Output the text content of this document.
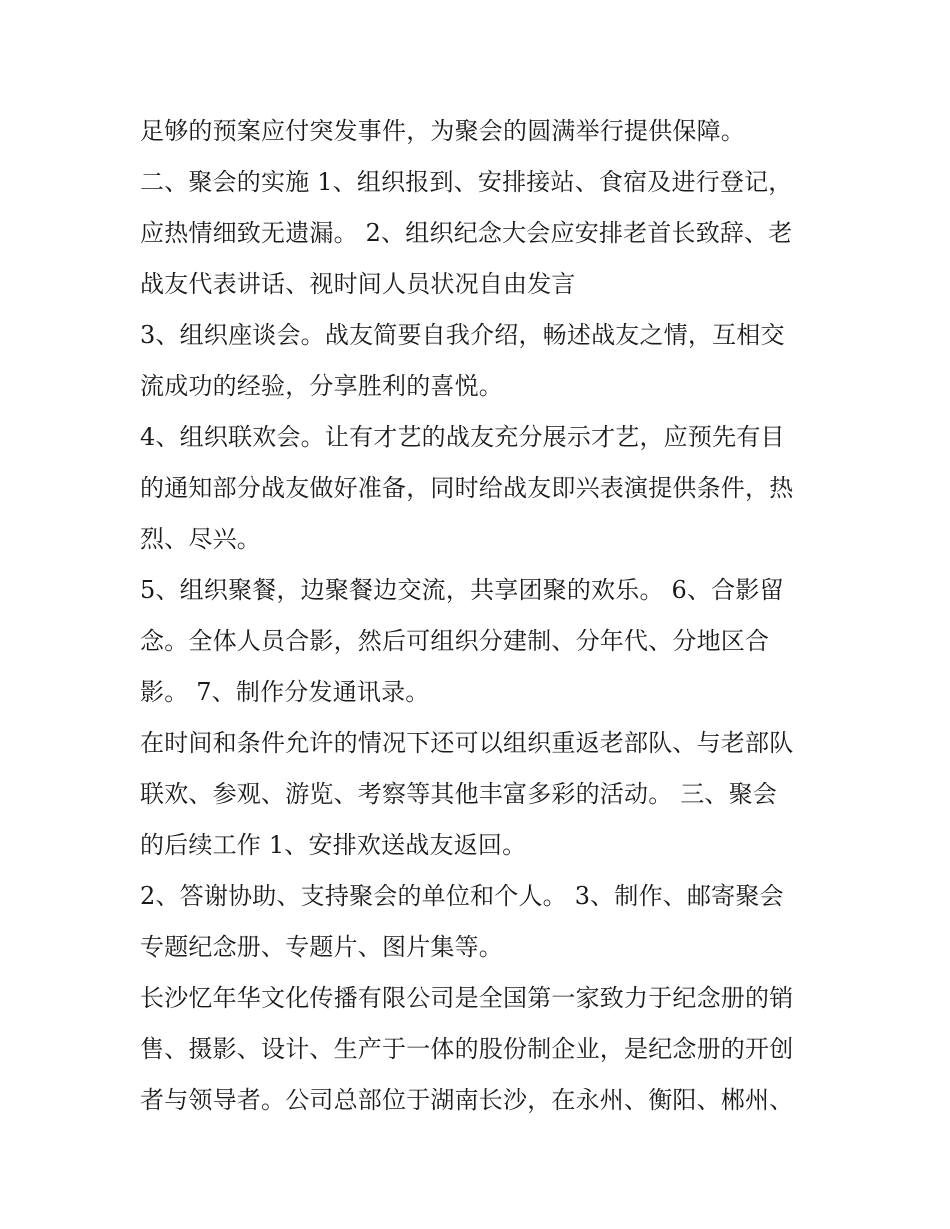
足够的预案应付突发事件，为聚会的圆满举行提供保障。
二、聚会的实施 1、组织报到、安排接站、食宿及进行登记，
应热情细致无遗漏。 2、组织纪念大会应安排老首长致辞、老
战友代表讲话、视时间人员状况自由发言
3、组织座谈会。战友简要自我介绍，畅述战友之情，互相交
流成功的经验，分享胜利的喜悦。
4、组织联欢会。让有才艺的战友充分展示才艺，应预先有目
的通知部分战友做好准备，同时给战友即兴表演提供条件，热
烈、尽兴。
5、组织聚餐，边聚餐边交流，共享团聚的欢乐。 6、合影留
念。全体人员合影，然后可组织分建制、分年代、分地区合
影。 7、制作分发通讯录。
在时间和条件允许的情况下还可以组织重返老部队、与老部队
联欢、参观、游览、考察等其他丰富多彩的活动。 三、聚会
的后续工作 1、安排欢送战友返回。
2、答谢协助、支持聚会的单位和个人。 3、制作、邮寄聚会
专题纪念册、专题片、图片集等。
长沙忆年华文化传播有限公司是全国第一家致力于纪念册的销
售、摄影、设计、生产于一体的股份制企业，是纪念册的开创
者与领导者。公司总部位于湖南长沙，在永州、衡阳、郴州、
